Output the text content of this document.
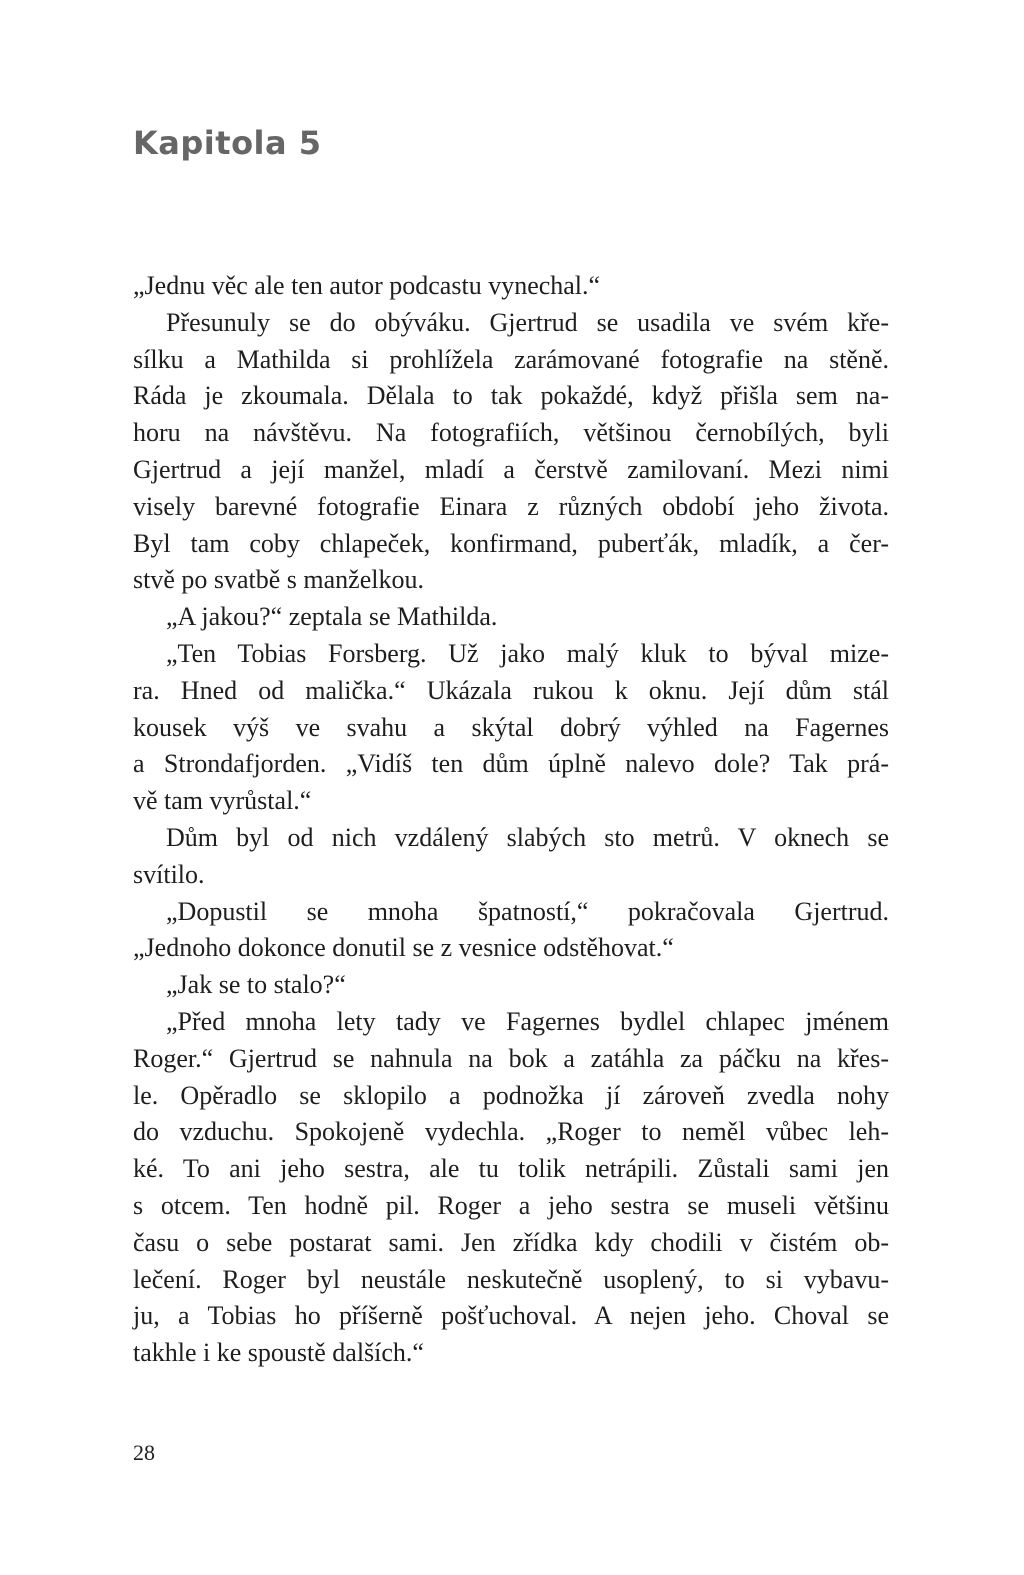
Kapitola 5
„Jednu věc ale ten autor podcastu vynechal.“
Přesunuly se do obýváku. Gjertrud se usadila ve svém kře-
sílku a Mathilda si prohlížela zarámované fotografie na stěně.
Ráda je zkoumala. Dělala to tak pokaždé, když přišla sem na-
horu na návštěvu. Na fotografiích, většinou černobílých, byli
Gjertrud a její manžel, mladí a čerstvě zamilovaní. Mezi nimi
visely barevné fotografie Einara z různých období jeho života.
Byl tam coby chlapeček, konfirmand, puberťák, mladík, a čer-
stvě po svatbě s manželkou.
„A jakou?“ zeptala se Mathilda.
„Ten Tobias Forsberg. Už jako malý kluk to býval mize-
ra. Hned od malička.“ Ukázala rukou k oknu. Její dům stál
kousek výš ve svahu a skýtal dobrý výhled na Fagernes
a Strondafjorden. „Vidíš ten dům úplně nalevo dole? Tak prá-
vě tam vyrůstal.“
Dům byl od nich vzdálený slabých sto metrů. V oknech se
svítilo.
„Dopustil se mnoha špatností,“ pokračovala Gjertrud.
„Jednoho dokonce donutil se z vesnice odstěhovat.“
„Jak se to stalo?“
„Před mnoha lety tady ve Fagernes bydlel chlapec jménem
Roger.“ Gjertrud se nahnula na bok a zatáhla za páčku na křes-
le. Opěradlo se sklopilo a podnožka jí zároveň zvedla nohy
do vzduchu. Spokojeně vydechla. „Roger to neměl vůbec leh-
ké. To ani jeho sestra, ale tu tolik netrápili. Zůstali sami jen
s otcem. Ten hodně pil. Roger a jeho sestra se museli většinu
času o sebe postarat sami. Jen zřídka kdy chodili v čistém ob-
lečení. Roger byl neustále neskutečně usoplený, to si vybavu-
ju, a Tobias ho příšerně pošťuchoval. A nejen jeho. Choval se
takhle i ke spoustě dalších.“
28
